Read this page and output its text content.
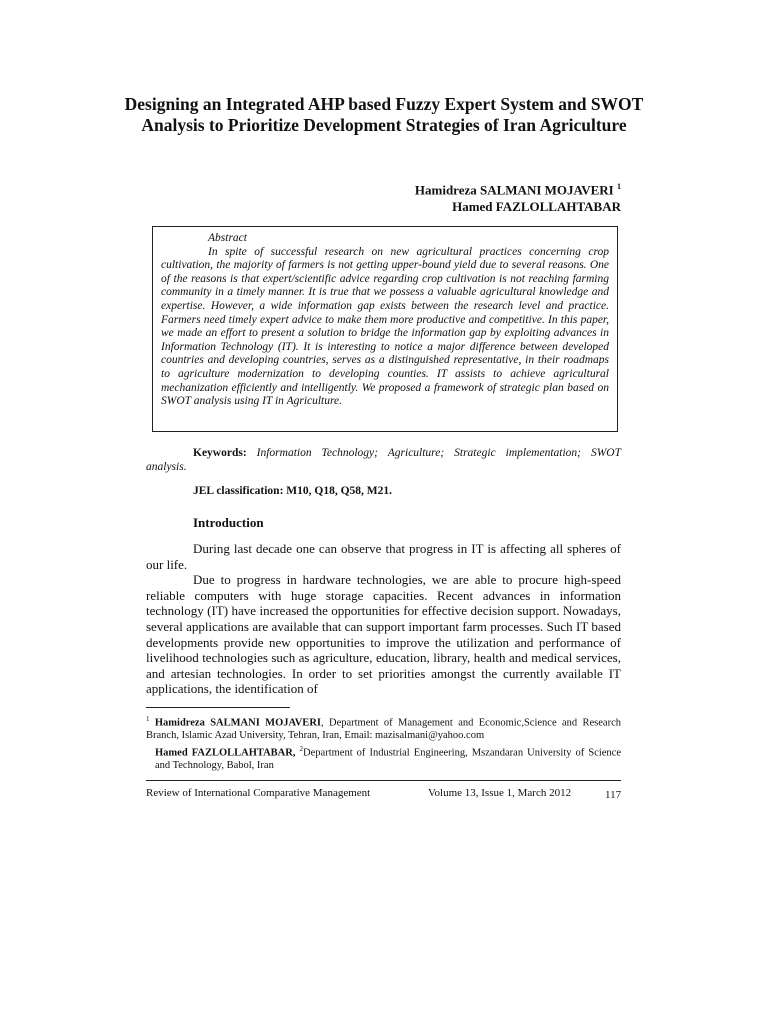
Designing an Integrated AHP based Fuzzy Expert System and SWOT Analysis to Prioritize Development Strategies of Iran Agriculture
Hamidreza SALMANI MOJAVERI $^1$
Hamed FAZLOLLAHTABAR
Abstract
In spite of successful research on new agricultural practices concerning crop cultivation, the majority of farmers is not getting upper-bound yield due to several reasons. One of the reasons is that expert/scientific advice regarding crop cultivation is not reaching farming community in a timely manner. It is true that we possess a valuable agricultural knowledge and expertise. However, a wide information gap exists between the research level and practice. Farmers need timely expert advice to make them more productive and competitive. In this paper, we made an effort to present a solution to bridge the information gap by exploiting advances in Information Technology (IT). It is interesting to notice a major difference between developed countries and developing countries, serves as a distinguished representative, in their roadmaps to agriculture modernization to developing counties. IT assists to achieve agricultural mechanization efficiently and intelligently. We proposed a framework of strategic plan based on SWOT analysis using IT in Agriculture.
Keywords: Information Technology; Agriculture; Strategic implementation; SWOT analysis.
JEL classification: M10, Q18, Q58, M21.
Introduction

During last decade one can observe that progress in IT is affecting all spheres of our life.

Due to progress in hardware technologies, we are able to procure high-speed reliable computers with huge storage capacities. Recent advances in information technology (IT) have increased the opportunities for effective decision support. Nowadays, several applications are available that can support important farm processes. Such IT based developments provide new opportunities to improve the utilization and performance of livelihood technologies such as agriculture, education, library, health and medical services, and artesian technologies. In order to set priorities amongst the currently available IT applications, the identification of

$^1$ Hamidreza SALMANI MOJAVERI, Department of Management and Economic,Science and Research Branch, Islamic Azad University, Tehran, Iran, Email: mazisalmani@yahoo.com
Hamed FAZLOLLAHTABAR, $^2$Department of Industrial Engineering, Mszandaran University of Science and Technology, Babol, Iran
Review of International Comparative Management	Volume 13, Issue 1, March 2012	117
